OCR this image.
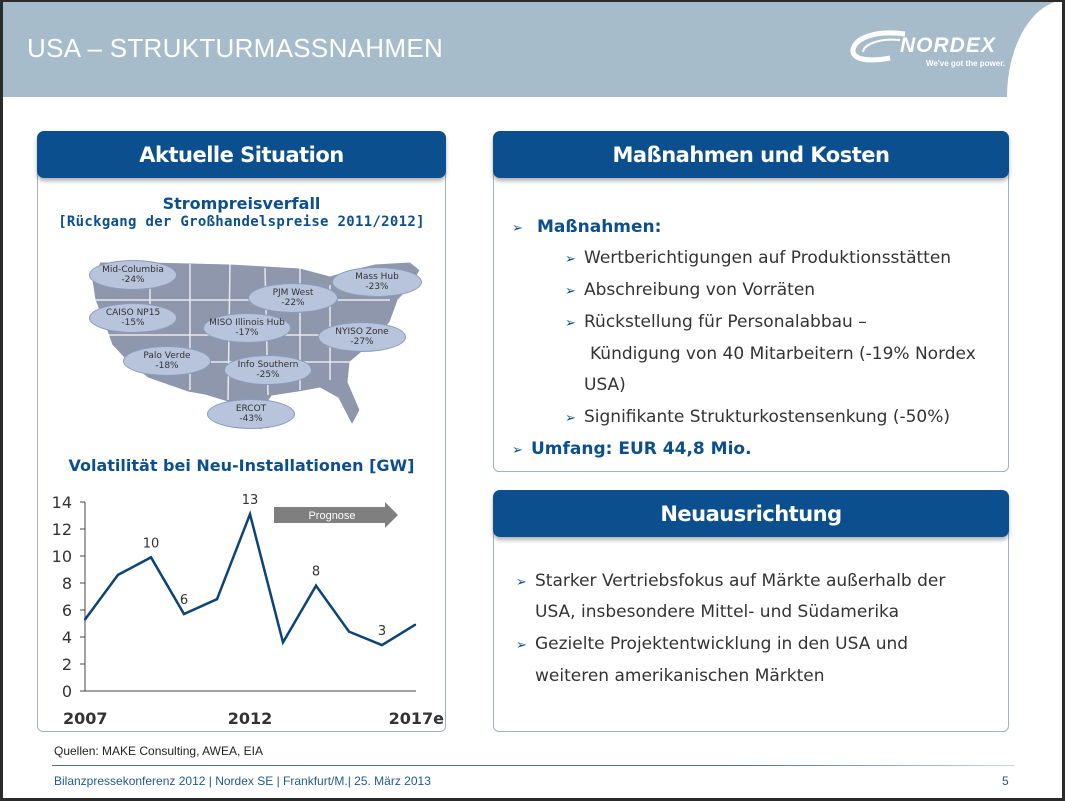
USA – STRUKTURMASSNAHMEN	NORDEX
We've got the power.
Aktuelle Situation
Strompreisverfall
[Rückgang der Großhandelspreise 2011/2012]
Mid-Columbia
-24%
PJM West
-22%
Mass Hub
-23%
CAISO NP15
-15%	MISO Illinois Hub
-17%	NYISO Zone
-27%
Palo Verde
-18%	Info Southern
-25%
ERCOT
-43%
Volatilität bei Neu-Installationen [GW]
0
2
4
6
8
10
12
14
Prognose
10
6
13
8
3
2007	2012	2017e
Maßnahmen und Kosten
➢ Maßnahmen:
➢ Wertberichtigungen auf Produktionsstätten
➢ Abschreibung von Vorräten
➢ Rückstellung für Personalabbau –
Kündigung von 40 Mitarbeitern (-19% Nordex
USA)
➢ Signifikante Strukturkostensenkung (-50%)
➢ Umfang: EUR 44,8 Mio.
Neuausrichtung
➢ Starker Vertriebsfokus auf Märkte außerhalb der
USA, insbesondere Mittel- und Südamerika
➢ Gezielte Projektentwicklung in den USA und
weiteren amerikanischen Märkten
Quellen: MAKE Consulting, AWEA, EIA
Bilanzpressekonferenz 2012 | Nordex SE | Frankfurt/M.| 25. März 2013	5
